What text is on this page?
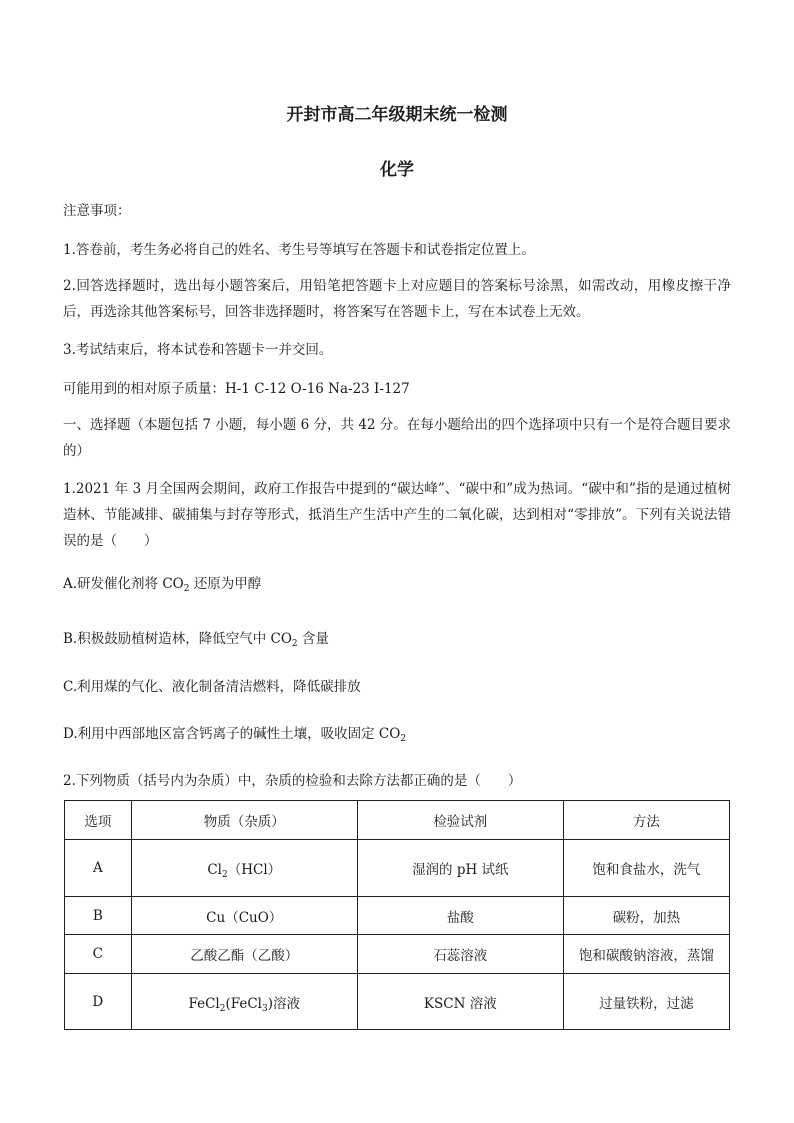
开封市高二年级期末统一检测
化学
注意事项：
1.答卷前，考生务必将自己的姓名、考生号等填写在答题卡和试卷指定位置上。
2.回答选择题时，选出每小题答案后，用铅笔把答题卡上对应题目的答案标号涂黑，如需改动，用橡皮擦干净后，再选涂其他答案标号，回答非选择题时，将答案写在答题卡上，写在本试卷上无效。
3.考试结束后，将本试卷和答题卡一并交回。
可能用到的相对原子质量：H-1 C-12 O-16 Na-23 I-127
一、选择题（本题包括 7 小题，每小题 6 分，共 42 分。在每小题给出的四个选择项中只有一个是符合题目要求的）
1.2021 年 3 月全国两会期间，政府工作报告中提到的“碳达峰”、“碳中和”成为热词。“碳中和”指的是通过植树造林、节能减排、碳捕集与封存等形式，抵消生产生活中产生的二氧化碳，达到相对“零排放”。下列有关说法错误的是（　　）
A.研发催化剂将 $CO_2$ 还原为甲醇
B.积极鼓励植树造林，降低空气中 $CO_2$ 含量
C.利用煤的气化、液化制备清洁燃料，降低碳排放
D.利用中西部地区富含钙离子的碱性土壤，吸收固定 $CO_2$
2.下列物质（括号内为杂质）中，杂质的检验和去除方法都正确的是（　　）
选项	物质（杂质）	检验试剂	方法
A	$Cl_2(HCl)$	湿润的 pH 试纸	饱和食盐水，洗气
B	Cu（CuO）	盐酸	碳粉，加热
C	乙酸乙酯（乙酸）	石蕊溶液	饱和碳酸钠溶液，蒸馏
D	FeCl$_2$(FeCl$_3$)溶液	KSCN 溶液	过量铁粉，过滤
